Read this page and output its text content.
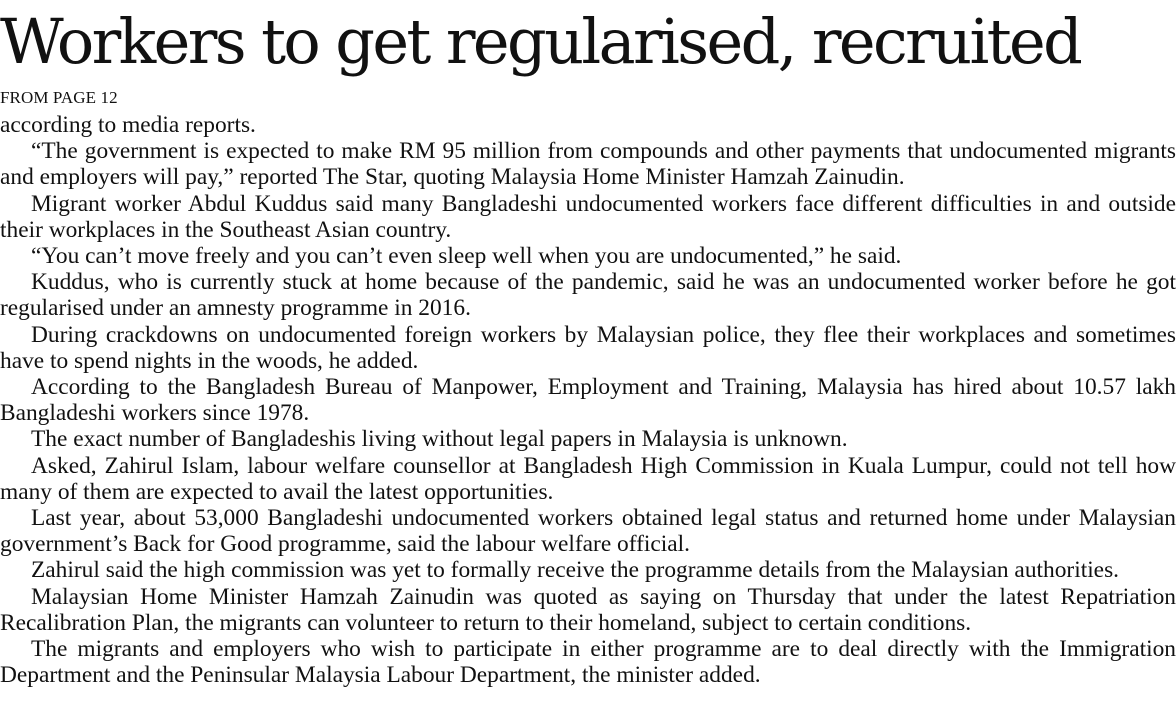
Workers to get regularised, recruited
FROM PAGE 12

according to media reports.

“The government is expected to make RM 95 million from compounds and other payments that undocumented migrants and employers will pay,” reported The Star, quoting Malaysia Home Minister Hamzah Zainudin.

Migrant worker Abdul Kuddus said many Bangladeshi undocumented workers face different difficulties in and outside their workplaces in the Southeast Asian country.

“You can’t move freely and you can’t even sleep well when you are undocumented,” he said.

Kuddus, who is currently stuck at home because of the pandemic, said he was an undocumented worker before he got regularised under an amnesty programme in 2016.

During crackdowns on undocumented foreign workers by Malaysian police, they flee their workplaces and sometimes have to spend nights in the woods, he added.

According to the Bangladesh Bureau of Manpower, Employment and Training, Malaysia has hired about 10.57 lakh Bangladeshi workers since 1978.

The exact number of Bangladeshis living without legal papers in Malaysia is unknown.

Asked, Zahirul Islam, labour welfare counsellor at Bangladesh High Commission in Kuala Lumpur, could not tell how many of them are expected to avail the latest opportunities.

Last year, about 53,000 Bangladeshi undocumented workers obtained legal status and returned home under Malaysian government’s Back for Good programme, said the labour welfare official.

Zahirul said the high commission was yet to formally receive the programme details from the Malaysian authorities.

Malaysian Home Minister Hamzah Zainudin was quoted as saying on Thursday that under the latest Repatriation Recalibration Plan, the migrants can volunteer to return to their homeland, subject to certain conditions.

The migrants and employers who wish to participate in either programme are to deal directly with the Immigration Department and the Peninsular Malaysia Labour Department, the minister added.
